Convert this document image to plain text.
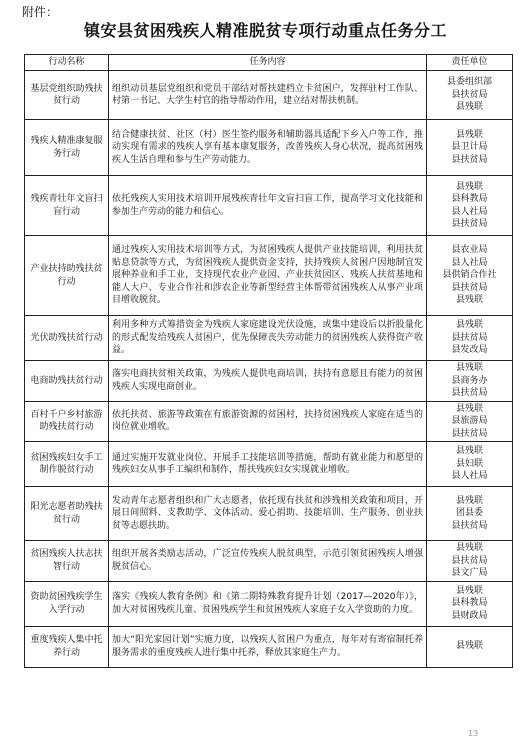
附件：
镇安县贫困残疾人精准脱贫专项行动重点任务分工
行动名称	任务内容	责任单位
基层党组织助残扶贫行动	组织动员基层党组织和党员干部结对帮扶建档立卡贫困户，发挥驻村工作队、村第一书记、大学生村官的指导帮动作用，建立结对帮扶机制。	县委组织部
县扶贫局
县残联

残疾人精准康复服务行动	结合健康扶贫、社区（村）医生签约服务和辅助器具适配下乡入户等工作，推动实现有需求的残疾人享有基本康复服务，改善残疾人身心状况，提高贫困残疾人生活自理和参与生产劳动能力。	县残联
县卫计局
县扶贫局

残疾青壮年文盲扫盲行动	依托残疾人实用技术培训开展残疾青壮年文盲扫盲工作，提高学习文化技能和参加生产劳动的能力和信心。	县残联
县科教局
县人社局
县扶贫局

产业扶持助残扶贫行动	通过残疾人实用技术培训等方式，为贫困残疾人提供产业技能培训，利用扶贫贴息贷款等方式，为贫困残疾人提供资金支持，扶持残疾人贫困户因地制宜发展种养业和手工业，支持现代农业产业园、产业扶贫园区、残疾人扶贫基地和能人大户、专业合作社和涉农企业等新型经营主体帮带贫困残疾人从事产业项目增收脱贫。	县农业局
县人社局
县供销合作社
县扶贫局
县残联

光伏助残扶贫行动	利用多种方式筹措资金为残疾人家庭建设光伏设施，或集中建设后以折股量化的形式配发给残疾人贫困户，优先保障丧失劳动能力的贫困残疾人获得资产收益。	县残联
县扶贫局
县发改局

电商助残扶贫行动	落实电商扶贫相关政策，为残疾人提供电商培训，扶持有意愿且有能力的贫困残疾人实现电商创业。	县残联
县商务办
县扶贫局

百村千户乡村旅游助残扶贫行动	依托扶贫、旅游等政策在有旅游资源的贫困村，扶持贫困残疾人家庭在适当的岗位就业增收。	县残联
县旅游局
县扶贫局

贫困残疾妇女手工制作脱贫行动	通过实施开发就业岗位、开展手工技能培训等措施，帮助有就业能力和愿望的残疾妇女从事手工编织和制作，帮扶残疾妇女实现就业增收。	县残联
县妇联
县人社局

阳光志愿者助残扶贫行动	发动青年志愿者组织和广大志愿者，依托现有扶贫和涉残相关政策和项目，开展日间照料、支教助学、文体活动、爱心捐助、技能培训、生产服务、创业扶贫等志愿扶助。	县残联
团县委
县扶贫局

贫困残疾人扶志扶智行动	组织开展各类励志活动，广泛宣传残疾人脱贫典型，示范引领贫困残疾人增强脱贫信心。	县残联
县扶贫局
县文广局

资助贫困残疾学生入学行动	落实《残疾人教育条例》和《第二期特殊教育提升计划（2017—2020年）》，加大对贫困残疾儿童、贫困残疾学生和贫困残疾人家庭子女入学资助的力度。	县残联
县科教局
县财政局

重度残疾人集中托养行动	加大“阳光家园计划”实施力度，以残疾人贫困户为重点，每年对有寄宿制托养服务需求的重度残疾人进行集中托养，释放其家庭生产力。	县残联
13
